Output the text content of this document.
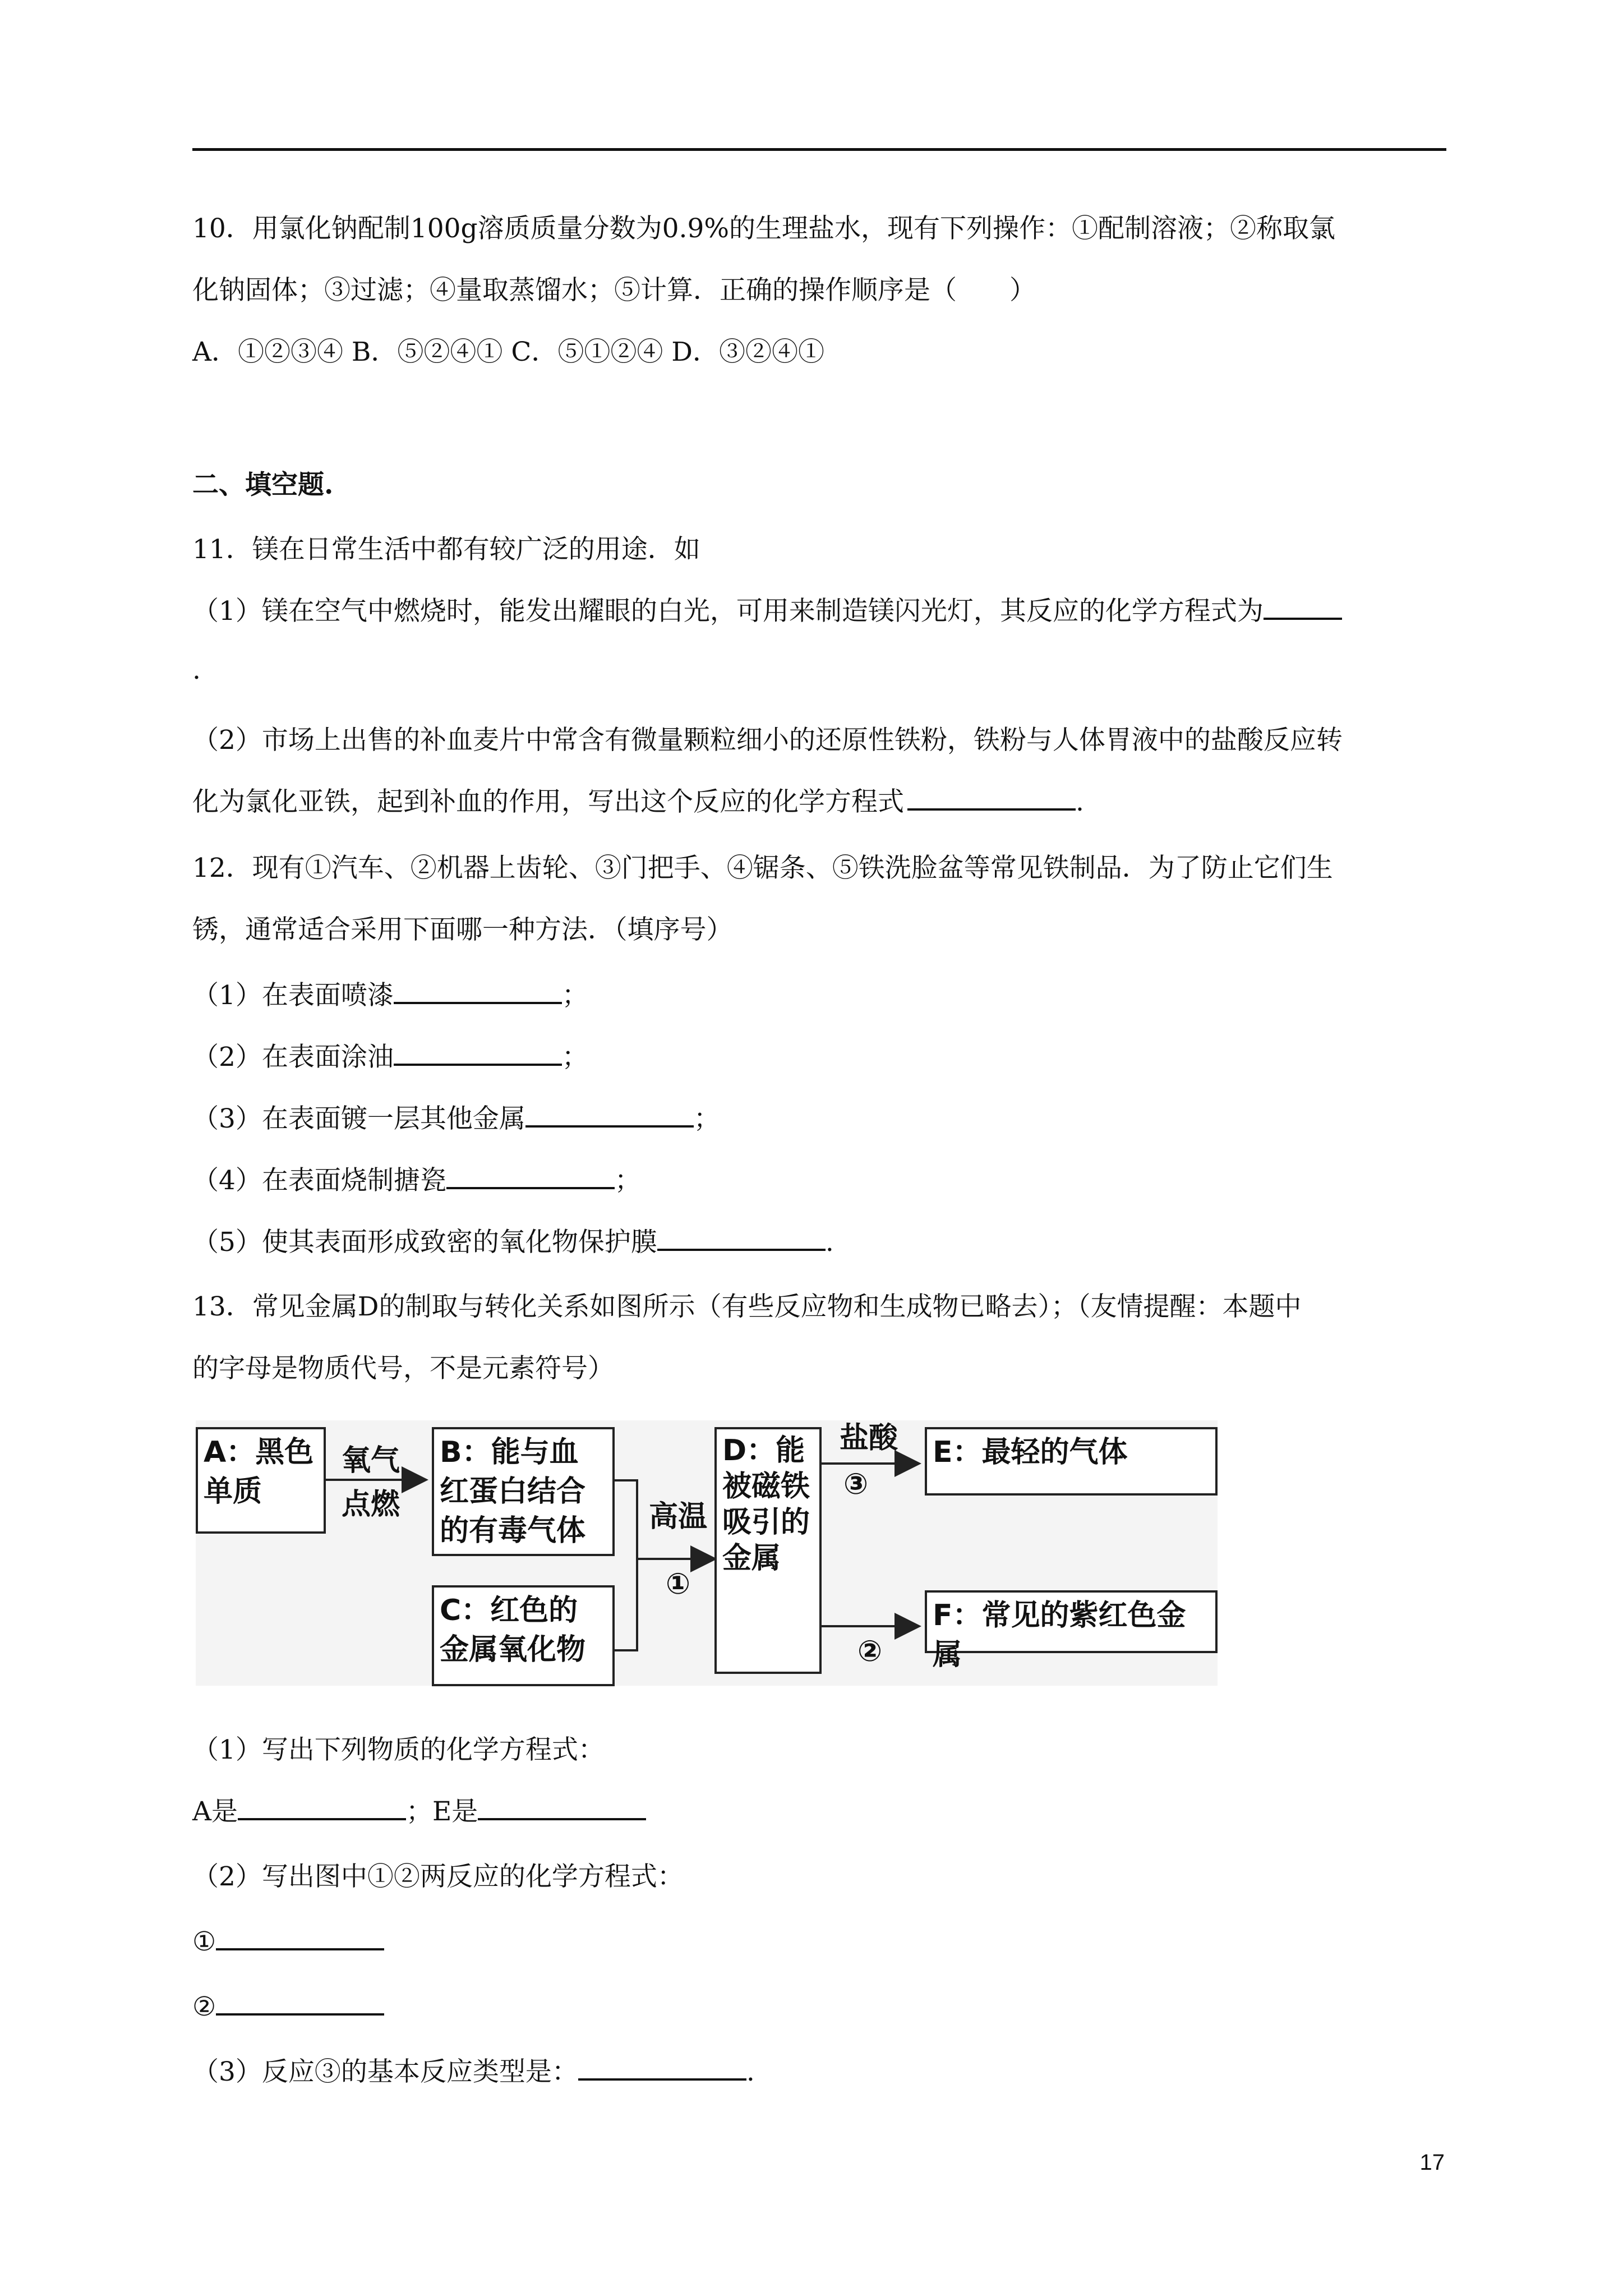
10．用氯化钠配制100g溶质质量分数为0.9%的生理盐水，现有下列操作：①配制溶液；②称取氯
化钠固体；③过滤；④量取蒸馏水；⑤计算．正确的操作顺序是（　　）
A．①②③④ B．⑤②④① C．⑤①②④ D．③②④①
二、填空题.
11．镁在日常生活中都有较广泛的用途．如
（1）镁在空气中燃烧时，能发出耀眼的白光，可用来制造镁闪光灯，其反应的化学方程式为
.
（2）市场上出售的补血麦片中常含有微量颗粒细小的还原性铁粉，铁粉与人体胃液中的盐酸反应转
化为氯化亚铁，起到补血的作用，写出这个反应的化学方程式	.
12．现有①汽车、②机器上齿轮、③门把手、④锯条、⑤铁洗脸盆等常见铁制品．为了防止它们生
锈，通常适合采用下面哪一种方法．（填序号）
（1）在表面喷漆	；
（2）在表面涂油	；
（3）在表面镀一层其他金属	；
（4）在表面烧制搪瓷	；
（5）使其表面形成致密的氧化物保护膜	.
13．常见金属D的制取与转化关系如图所示（有些反应物和生成物已略去）；（友情提醒：本题中
的字母是物质代号，不是元素符号）
A：黑色单质
B：能与血红蛋白结合的有毒气体
C：红色的金属氧化物
D：能被磁铁吸引的金属
E：最轻的气体
F：常见的紫红色金属
氧气
点燃	高温
①
盐酸
③
②
（1）写出下列物质的化学方程式：
A是	；E是
（2）写出图中①②两反应的化学方程式：
①
②
（3）反应③的基本反应类型是：	.
17
